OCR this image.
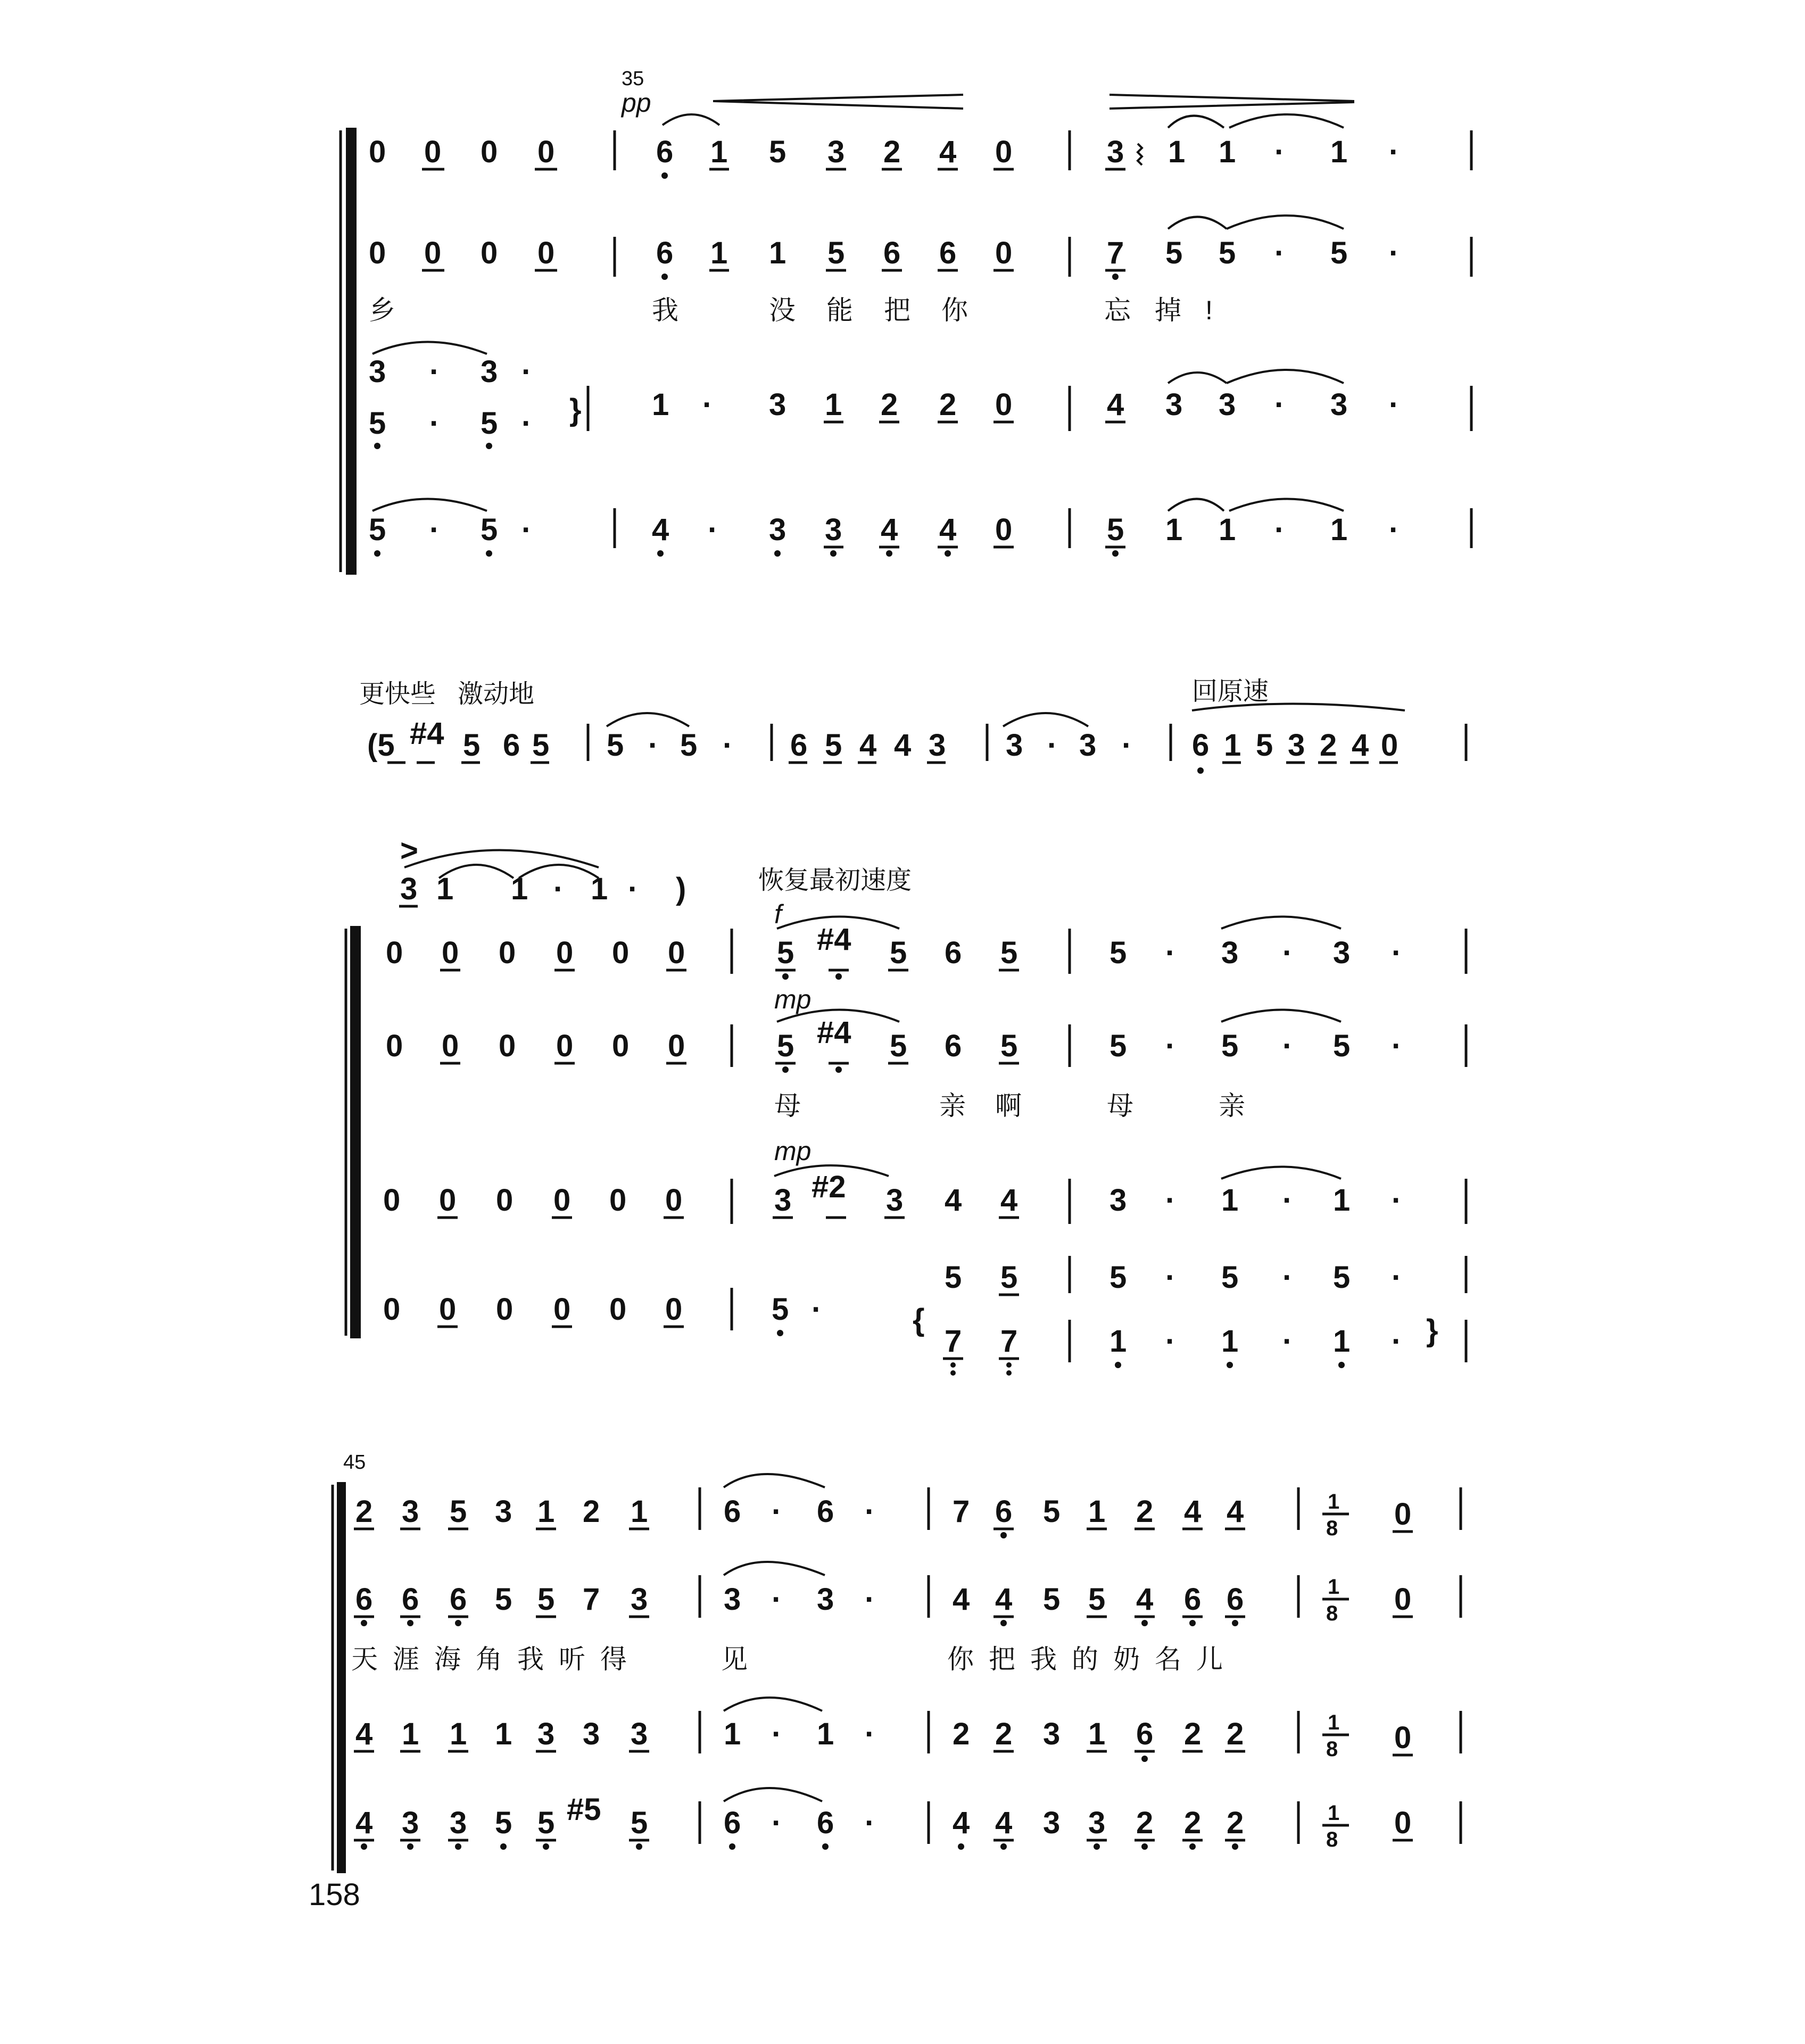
35
pp
0 0 0 0	6 1 5 3 2 4 0	3 1 1 · 1 ·
0 0 0 0	6 1 1 5 6 6 0	7 5 5 · 5 ·
乡	我	没能把你	忘掉!
3 · 3 ·
5 · 5 · } 1 · 3 1 2 2 0	4 3 3 · 3 ·
5 · 5 ·	4 · 3 3 4 4 0	5 1 1 · 1 ·
更快些 激动地	回原速
(5 #4 5 6 5 5 · 5 · 6 5 4 4 3 3 · 3 · 6 1 5 3 2 4 0
>
3 1 1 · 1 · )	恢复最初速度
f
mp
mp
0 0 0 0 0 0	5 #4 5 6 5	5 · 3 · 3 ·
0 0 0 0 0 0	5 #4 5 6 5	5 · 5 · 5 ·
母	亲 啊	母	亲
0 0 0 0 0 0	3 #2 3 4 4	3 · 1 · 1 ·
0 0 0 0 0 0	5 ·	{
5 5	5 · 5 · 5 ·
7 7	1 · 1 · 1 · }
45
1
8
1
8
1
8
1
8
2 3 5 3 1 2 1 6 · 6 ·	7 6 5 1 2 4 4	0
6 6 6 5 5 7 3 3 · 3 ·	4 4 5 5 4 6 6	0
天涯海角我听得	见	你把我的奶名儿
4 1 1 1 3 3 3 1 · 1 ·	2 2 3 1 6 2 2	0
4 3 3 5 5 #5 5 6 · 6 ·	4 4 3 3 2 2 2	0
158
